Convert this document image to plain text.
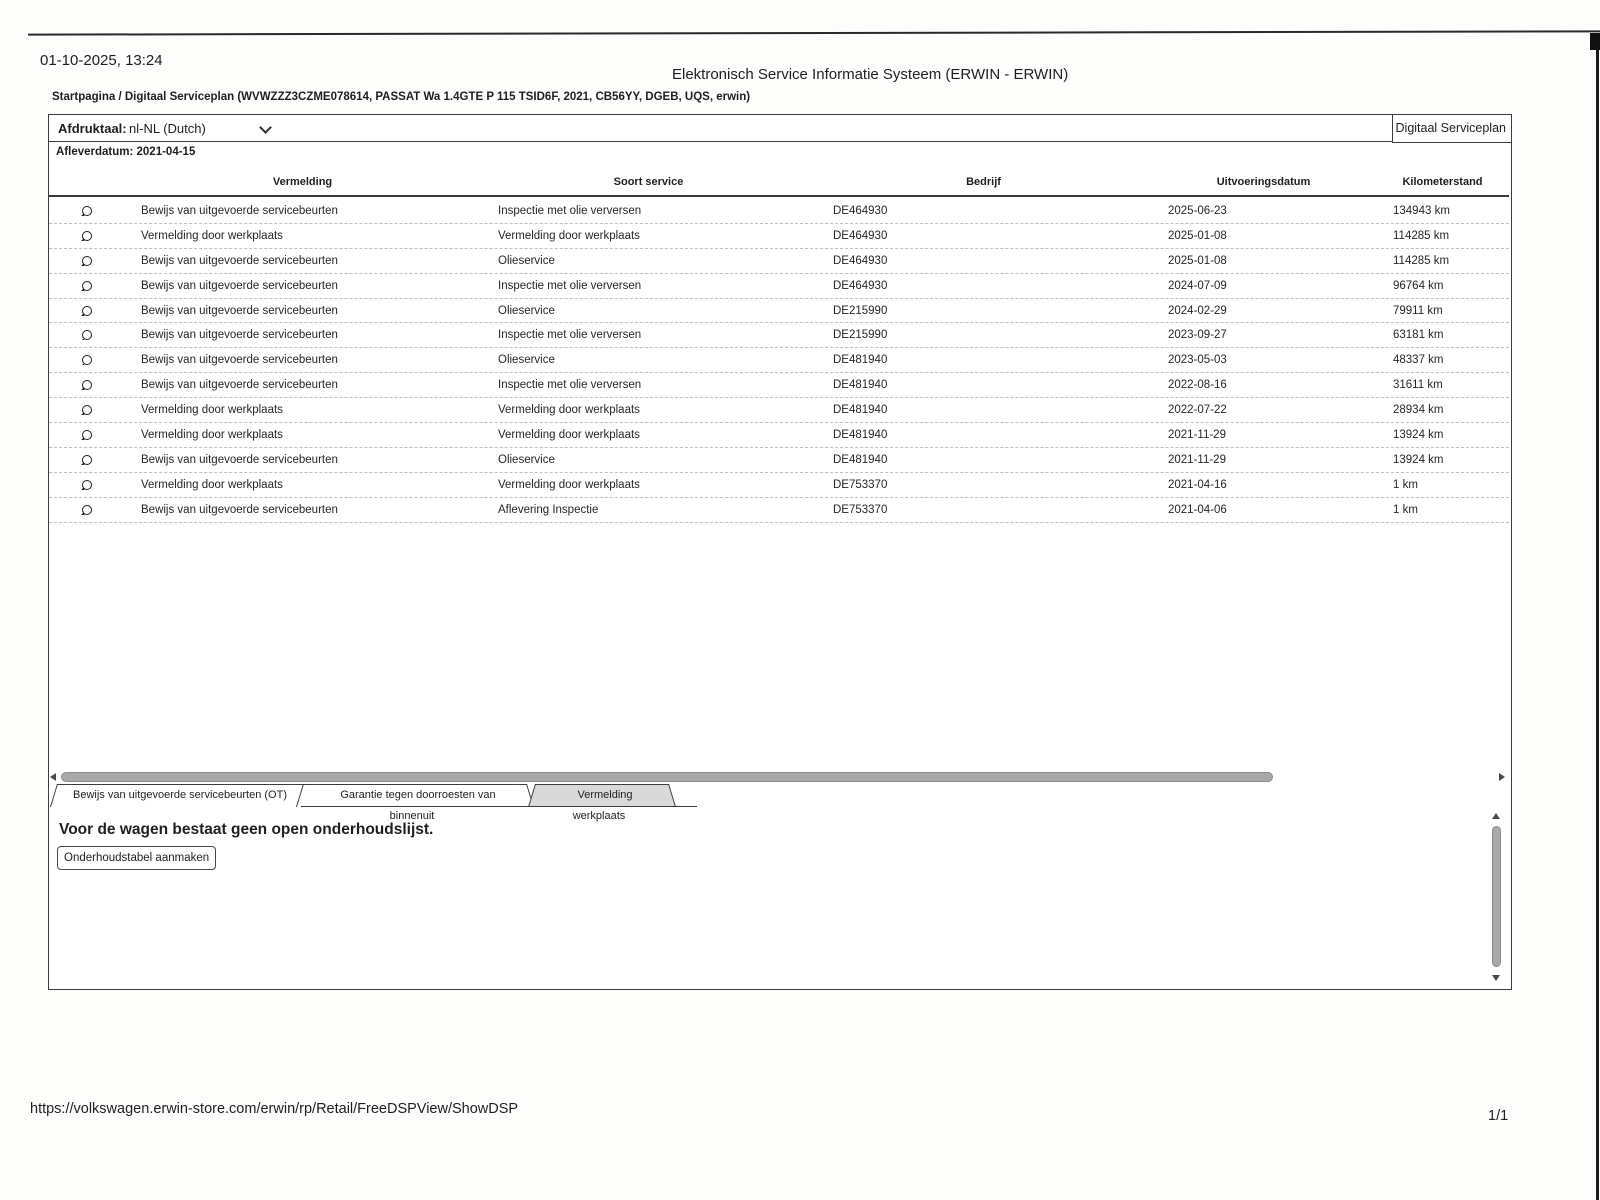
01-10-2025, 13:24
Elektronisch Service Informatie Systeem (ERWIN - ERWIN)
Startpagina / Digitaal Serviceplan (WVWZZZ3CZME078614, PASSAT Wa 1.4GTE P 115 TSID6F, 2021, CB56YY, DGEB, UQS, erwin)
Afdruktaal: nl-NL (Dutch)	Digitaal Serviceplan
Afleverdatum: 2021-04-15
Vermelding	Soort service	Bedrijf	Uitvoeringsdatum	Kilometerstand
Bewijs van uitgevoerde servicebeurten	Inspectie met olie verversen	DE464930	2025-06-23	134943 km
Vermelding door werkplaats	Vermelding door werkplaats	DE464930	2025-01-08	114285 km
Bewijs van uitgevoerde servicebeurten	Olieservice	DE464930	2025-01-08	114285 km
Bewijs van uitgevoerde servicebeurten	Inspectie met olie verversen	DE464930	2024-07-09	96764 km
Bewijs van uitgevoerde servicebeurten	Olieservice	DE215990	2024-02-29	79911 km
Bewijs van uitgevoerde servicebeurten	Inspectie met olie verversen	DE215990	2023-09-27	63181 km
Bewijs van uitgevoerde servicebeurten	Olieservice	DE481940	2023-05-03	48337 km
Bewijs van uitgevoerde servicebeurten	Inspectie met olie verversen	DE481940	2022-08-16	31611 km
Vermelding door werkplaats	Vermelding door werkplaats	DE481940	2022-07-22	28934 km
Vermelding door werkplaats	Vermelding door werkplaats	DE481940	2021-11-29	13924 km
Bewijs van uitgevoerde servicebeurten	Olieservice	DE481940	2021-11-29	13924 km
Vermelding door werkplaats	Vermelding door werkplaats	DE753370	2021-04-16	1 km
Bewijs van uitgevoerde servicebeurten	Aflevering Inspectie	DE753370	2021-04-06	1 km
Bewijs van uitgevoerde servicebeurten (OT)	Garantie tegen doorroesten van binnenuit
Vermelding werkplaats
Voor de wagen bestaat geen open onderhoudslijst.
Onderhoudstabel aanmaken
https://volkswagen.erwin-store.com/erwin/rp/Retail/FreeDSPView/ShowDSP	1/1
